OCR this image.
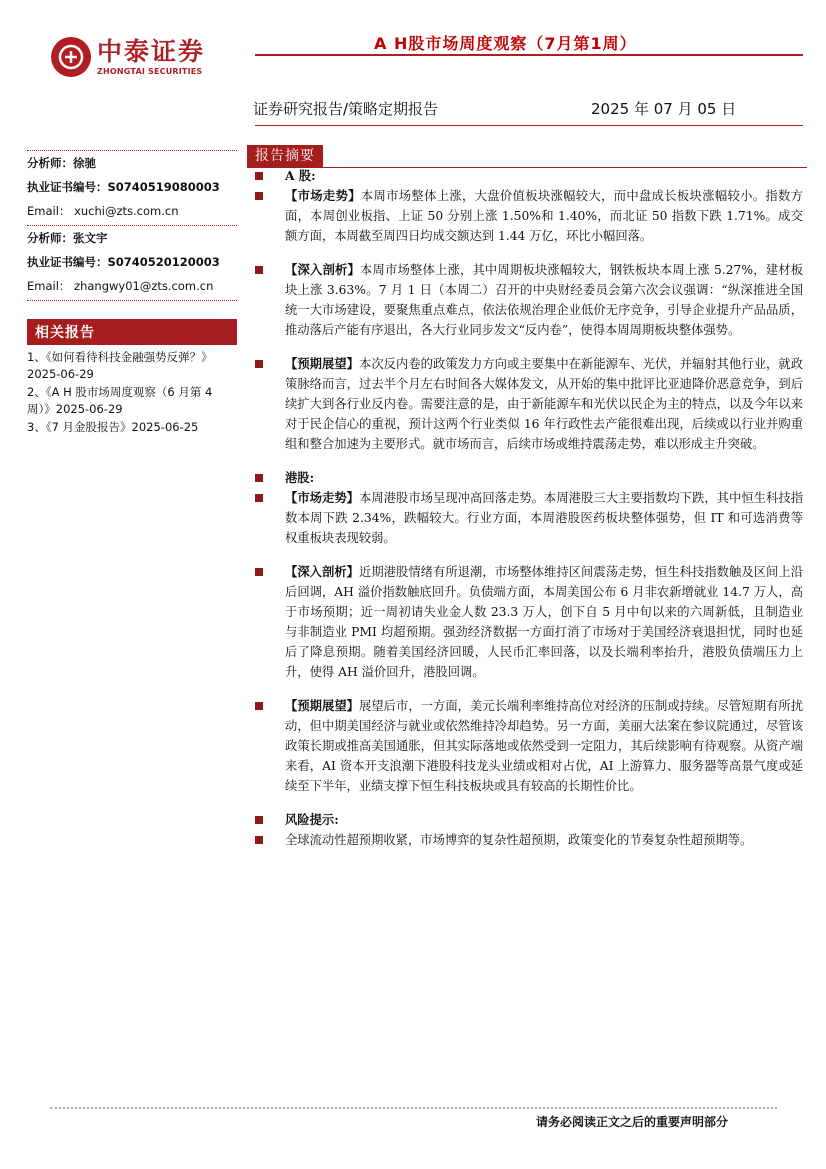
中泰证券
ZHONGTAI SECURITIES
A H股市场周度观察（7月第1周）
证券研究报告/策略定期报告	2025 年 07 月 05 日
分析师：徐驰
执业证书编号：S0740519080003
Email： xuchi@zts.com.cn
分析师：张文宇
执业证书编号：S0740520120003
Email： zhangwy01@zts.com.cn
相关报告
1、《如何看待科技金融强势反弹？》2025-06-29
2、《A H 股市场周度观察（6 月第 4 周）》2025-06-29
3、《7 月金股报告》2025-06-25
报告摘要
A 股:
【市场走势】本周市场整体上涨，大盘价值板块涨幅较大，而中盘成长板块涨幅较小。指数方面，本周创业板指、上证 50 分别上涨 1.50%和 1.40%，而北证 50 指数下跌 1.71%。成交额方面，本周截至周四日均成交额达到 1.44 万亿，环比小幅回落。
【深入剖析】本周市场整体上涨，其中周期板块涨幅较大，钢铁板块本周上涨 5.27%，建材板块上涨 3.63%。7 月 1 日（本周二）召开的中央财经委员会第六次会议强调：“纵深推进全国统一大市场建设，要聚焦重点难点，依法依规治理企业低价无序竞争，引导企业提升产品品质，推动落后产能有序退出，各大行业同步发文“反内卷”，使得本周周期板块整体强势。
【预期展望】本次反内卷的政策发力方向或主要集中在新能源车、光伏，并辐射其他行业，就政策脉络而言，过去半个月左右时间各大媒体发文，从开始的集中批评比亚迪降价恶意竞争，到后续扩大到各行业反内卷。需要注意的是，由于新能源车和光伏以民企为主的特点，以及今年以来对于民企信心的重视，预计这两个行业类似 16 年行政性去产能很难出现，后续或以行业并购重组和整合加速为主要形式。就市场而言，后续市场或维持震荡走势，难以形成主升突破。
港股:
【市场走势】本周港股市场呈现冲高回落走势。本周港股三大主要指数均下跌，其中恒生科技指数本周下跌 2.34%，跌幅较大。行业方面，本周港股医药板块整体强势，但 IT 和可选消费等权重板块表现较弱。
【深入剖析】近期港股情绪有所退潮，市场整体维持区间震荡走势，恒生科技指数触及区间上沿后回调，AH 溢价指数触底回升。负债端方面，本周美国公布 6 月非农新增就业 14.7 万人，高于市场预期；近一周初请失业金人数 23.3 万人，创下自 5 月中旬以来的六周新低，且制造业与非制造业 PMI 均超预期。强劲经济数据一方面打消了市场对于美国经济衰退担忧，同时也延后了降息预期。随着美国经济回暖，人民币汇率回落，以及长端利率抬升，港股负债端压力上升，使得 AH 溢价回升，港股回调。
【预期展望】展望后市，一方面，美元长端利率维持高位对经济的压制或持续。尽管短期有所扰动，但中期美国经济与就业或依然维持冷却趋势。另一方面，美丽大法案在参议院通过，尽管该政策长期或推高美国通胀，但其实际落地或依然受到一定阻力，其后续影响有待观察。从资产端来看，AI 资本开支浪潮下港股科技龙头业绩或相对占优，AI 上游算力、服务器等高景气度或延续至下半年，业绩支撑下恒生科技板块或具有较高的长期性价比。
风险提示:
全球流动性超预期收紧，市场博弈的复杂性超预期，政策变化的节奏复杂性超预期等。
请务必阅读正文之后的重要声明部分
